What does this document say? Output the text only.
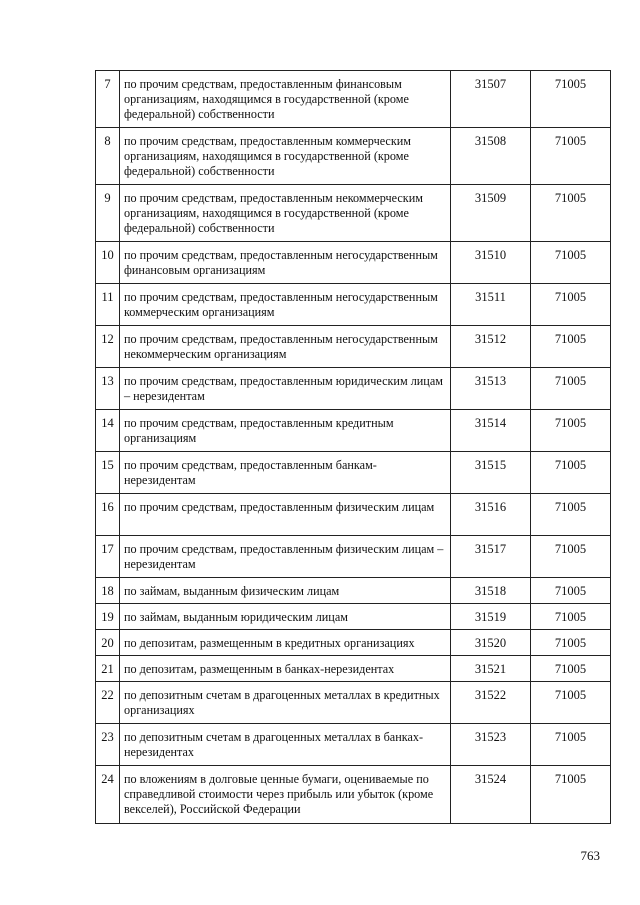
7	по прочим средствам, предоставленным финансовым организациям, находящимся в государственной (кроме федеральной) собственности	31507	71005
8	по прочим средствам, предоставленным коммерческим организациям, находящимся в государственной (кроме федеральной) собственности	31508	71005
9	по прочим средствам, предоставленным некоммерческим организациям, находящимся в государственной (кроме федеральной) собственности	31509	71005
10	по прочим средствам, предоставленным негосударственным финансовым организациям	31510	71005
11	по прочим средствам, предоставленным негосударственным коммерческим организациям	31511	71005
12	по прочим средствам, предоставленным негосударственным некоммерческим организациям	31512	71005
13	по прочим средствам, предоставленным юридическим лицам – нерезидентам	31513	71005
14	по прочим средствам, предоставленным кредитным организациям	31514	71005
15	по прочим средствам, предоставленным банкам-нерезидентам	31515	71005
16	по прочим средствам, предоставленным физическим лицам	31516	71005
17	по прочим средствам, предоставленным физическим лицам – нерезидентам	31517	71005
18	по займам, выданным физическим лицам	31518	71005
19	по займам, выданным юридическим лицам	31519	71005
20	по депозитам, размещенным в кредитных организациях	31520	71005
21	по депозитам, размещенным в банках-нерезидентах	31521	71005
22	по депозитным счетам в драгоценных металлах в кредитных организациях	31522	71005
23	по депозитным счетам в драгоценных металлах в банках-нерезидентах	31523	71005
24	по вложениям в долговые ценные бумаги, оцениваемые по справедливой стоимости через прибыль или убыток (кроме векселей), Российской Федерации	31524	71005
763
